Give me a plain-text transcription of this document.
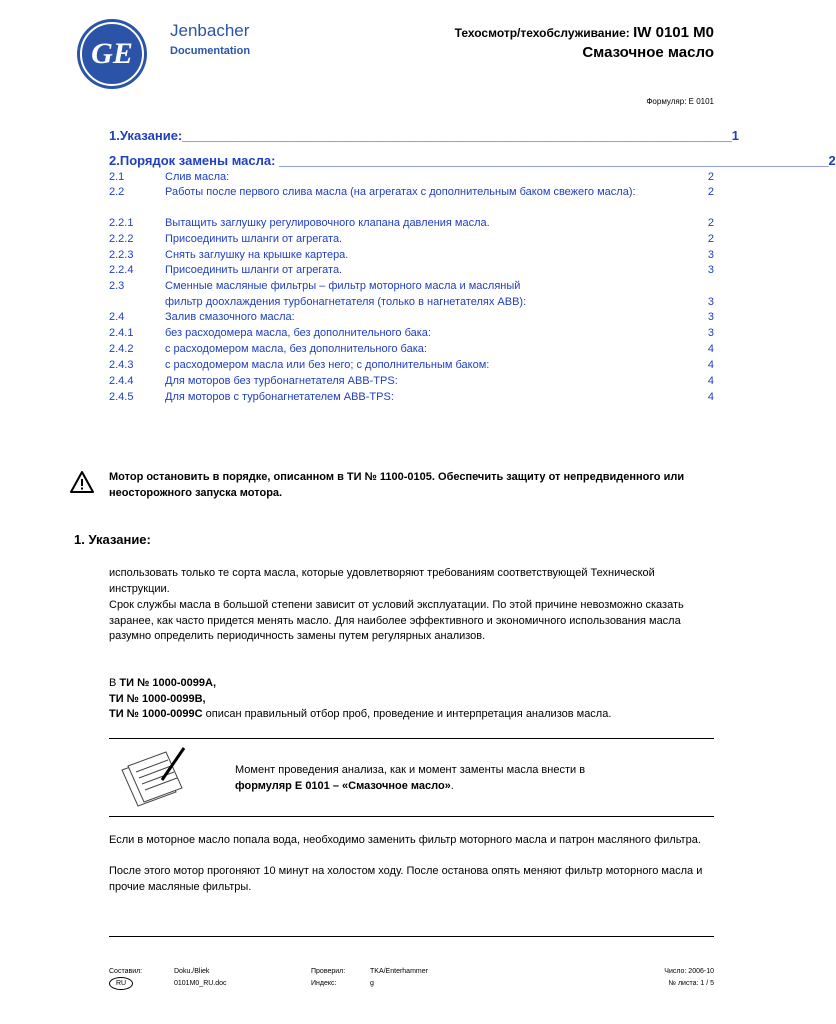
GE
Jenbacher
Documentation
Техосмотр/техобслуживание: IW 0101 M0
Смазочное масло
Формуляр: E 0101
1. Указание:____________________________________________________________________________ 1
2. Порядок замены масла: ____________________________________________________________________________ 2
2.1	Слив масла:	2
2.2	Работы после первого слива масла (на агрегатах с дополнительным баком свежего масла):	2
2.2.1	Вытащить заглушку регулировочного клапана давления масла.	2
2.2.2	Присоединить шланги от агрегата.	2
2.2.3	Снять заглушку на крышке картера.	3
2.2.4	Присоединить шланги от агрегата.	3
2.3	Сменные масляные фильтры – фильтр моторного масла и масляный фильтр доохлаждения турбонагнетателя (только в нагнетателях ABB):	3
2.4	Залив смазочного масла:	3
2.4.1	без расходомера масла, без дополнительного бака:	3
2.4.2	с расходомером масла, без дополнительного бака:	4
2.4.3	с расходомером масла или без него; с дополнительным баком:	4
2.4.4	Для моторов без турбонагнетателя ABB-TPS:	4
2.4.5	Для моторов с турбонагнетателем ABB-TPS:	4
Мотор остановить в порядке, описанном в ТИ № 1100-0105. Обеспечить защиту от непредвиденного или неосторожного запуска мотора.
1. Указание:
использовать только те сорта масла, которые удовлетворяют требованиям соответствующей Технической инструкции.
Срок службы масла в большой степени зависит от условий эксплуатации. По этой причине невозможно сказать заранее, как часто придется менять масло. Для наиболее эффективного и экономичного использования масла разумно определить периодичность замены путем регулярных анализов.
В ТИ № 1000-0099A,
ТИ № 1000-0099B,
ТИ № 1000-0099C описан правильный отбор проб, проведение и интерпретация анализов масла.
Момент проведения анализа, как и момент заменты масла внести в
формуляр E 0101 – «Смазочное масло».
Если в моторное масло попала вода, необходимо заменить фильтр моторного масла и патрон масляного фильтра.
После этого мотор прогоняют 10 минут на холостом ходу. После останова опять меняют фильтр моторного масла и прочие масляные фильтры.
Составил:	Doku./Bliek
RU	0101M0_RU.doc
Проверил:	TKA/Enterhammer
Индекс:	g
Число: 2006-10
№ листа: 1 / 5
